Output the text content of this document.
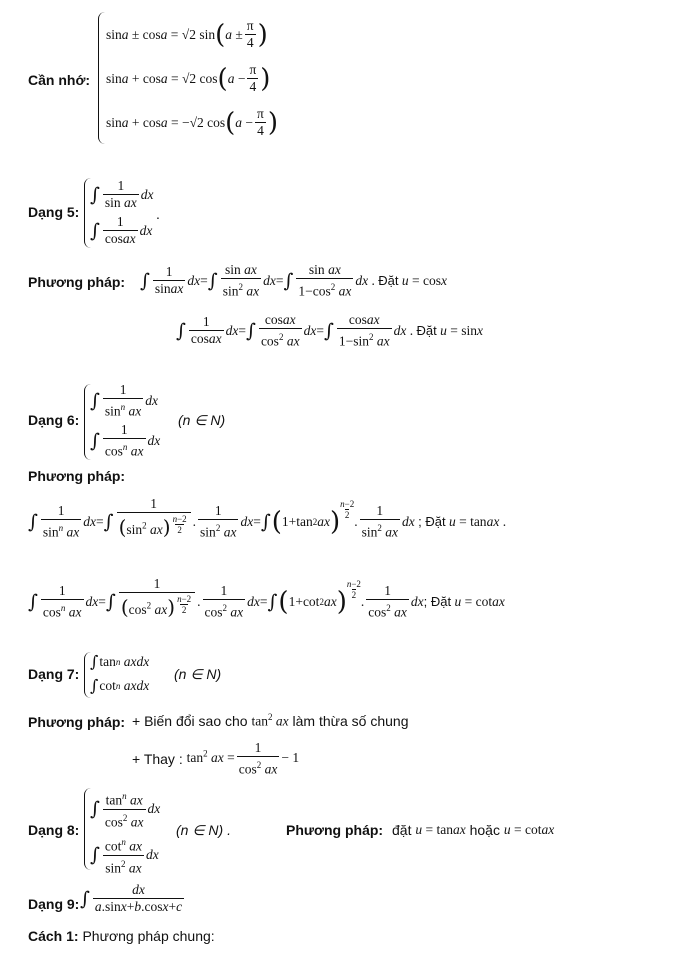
Cần nhớ:
sin a ± cos a = √2 sin ( $a \pm \frac{\pi}{4}$ )
sin a + cos a = √2 cos ( $a - \frac{\pi}{4}$ )
sin a + cos a = −√2 cos ( $a - \frac{\pi}{4}$ )
Dạng 5:
∫ $\frac{1}{\text{sin ax}}$ dx
∫ $\frac{1}{\text{cosax}}$ dx
.
Phương pháp: ∫ $\frac{1}{\text{sinax}}$ dx = ∫ $\frac{\text{sin ax}}{\sin^2 ax}$ dx = ∫ $\frac{\text{sin ax}}{1-\cos^2 ax}$ dx . Đặt
u = cos x
∫ $\frac{1}{\text{cosax}}$ dx = ∫ $\frac{\text{cosax}}{\cos^2 ax}$ dx = ∫ $\frac{\text{cosax}}{1-\sin^2 ax}$ dx . Đặt
u = sin x
Dạng 6:
∫ $\frac{1}{\sin^n ax}$ dx
∫ $\frac{1}{\cos^n ax}$ dx
(n ∈ N)
Phương pháp:
∫ $\frac{1}{\sin^n ax}$ dx = ∫ $\frac{1}{(\sin^2 ax) \frac{n-2}{2}}$ . $\frac{1}{\sin^2 ax}$ dx = ∫ ( 1+tan 2 ax )
n−2
2 . $\frac{1}{\sin^2 ax}$ dx
; Đặt
u = tan ax .
∫ $\frac{1}{\cos^n ax}$ dx = ∫ $\frac{1}{(\cos^2 ax) \frac{n-2}{2}}$ . $\frac{1}{\cos^2 ax}$ dx = ∫ ( 1+cot 2 ax )
n−2
2 . $\frac{1}{\cos^2 ax}$ dx ; Đặt
u = cot ax
Dạng 7:
∫ tan n
axdx
∫ cot n
axdx
(n ∈ N)
Phương pháp: + Biến đổi sao cho
$\tan^2$ ax
làm thừa số chung
+ Thay :
$\tan^2$ ax = $\frac{1}{\cos^2 ax} - 1$
Dạng 8:
∫ $\frac{\tan^n ax}{\cos^2 ax}$ dx
∫ $\frac{\cot^n ax}{\sin^2 ax}$ dx
(n ∈ N) .	Phương pháp: đặt
u = tanax
hoặc
u = cotax
Dạng 9: ∫ $\frac{dx}{a.\sin x+b.\cos x+c}$
Cách 1:
Phương pháp chung:
